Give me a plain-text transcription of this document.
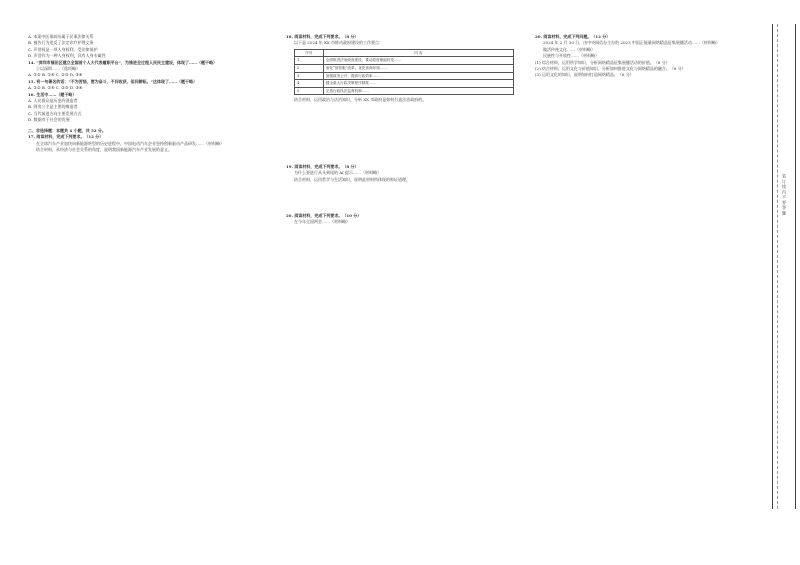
A. 本案中医事纠纷属于民事法律关系

B. 被告行为违反了法定诊疗护理义务

C. 声誉权是一项人身权利，受法律保护

D. 声誉作为一种人身权利，具有人身专属性

14. “深圳市福田区建立全国首个人大代表履职平台”，为推进全过程人民民主建设，体现了……（题干略）

①以深圳……（选项略）

A. ①② B. ①④ C. ②③ D. ③④

15. 有一句著名的话：“不为苦恼，要为奋斗，不问收获，但问耕耘。”这体现了……（题干略）

A. ①② B. ①④ C. ②③ D. ③④

16. 生活中……（题干略）

A. 人民群众是历史的创造者

B. 阿房公主是主要的缔造者

C. 当代前进方向主要发展方式

D. 数据对于社会的发展

二、非选择题：本题共 4 小题，共 52 分。

17. 阅读材料，完成下列要求。（12 分）

在全球汽车产业加快向新能源转型的历史进程中，中国电动汽车企业坚持创新驱动产品研发……（材料略）

结合材料，从经济与社会关系的角度，说明我国新能源汽车产业发展的意义。

18. 阅读材料，完成下列要求。（8 分）

以下是 2024 年 XX 市推动政府建设的工作要点：

序号	内 容
1	全面推进法治政府建设，推动政府职能转变……
2	深化“放管服”改革，优化营商环境……
3	加强政务公开，提高行政效率……
4	健全重大行政决策程序制度……
5	完善行政执法监督机制……

结合材料，运用政治与法治知识，分析 XX 市政府是如何打造法治政府的。

19. 阅读材料，完成下列要求。（8 分）

为什么要进行从头到尾的 AI 提示……（材料略）

结合材料，运用哲学与生活知识，说明此材料所体现的辩证道理。

20. 阅读材料，完成下列要求。（10 分）

在今年全国两会……（材料略）

20. 阅读材料，完成下列问题。（12 分）

2024 年 2 月 30 日，由中央网信办主办的 2023 中国正能量网络精品征集展播活动……（材料略）

做活传统文化……（材料略）

民族性与开放性……（材料略）

(1) 综合材料，运用所学知识，分析网络精品征集展播活动的价值。（8 分）

(2) 结合材料，运用文化与价值知识，分析如何推进文化与网络精品的融合。（8 分）

(3) 运用文化的知识，说明如何打造网络精品。（6 分）

装 订 线 内 不 要 答 题
